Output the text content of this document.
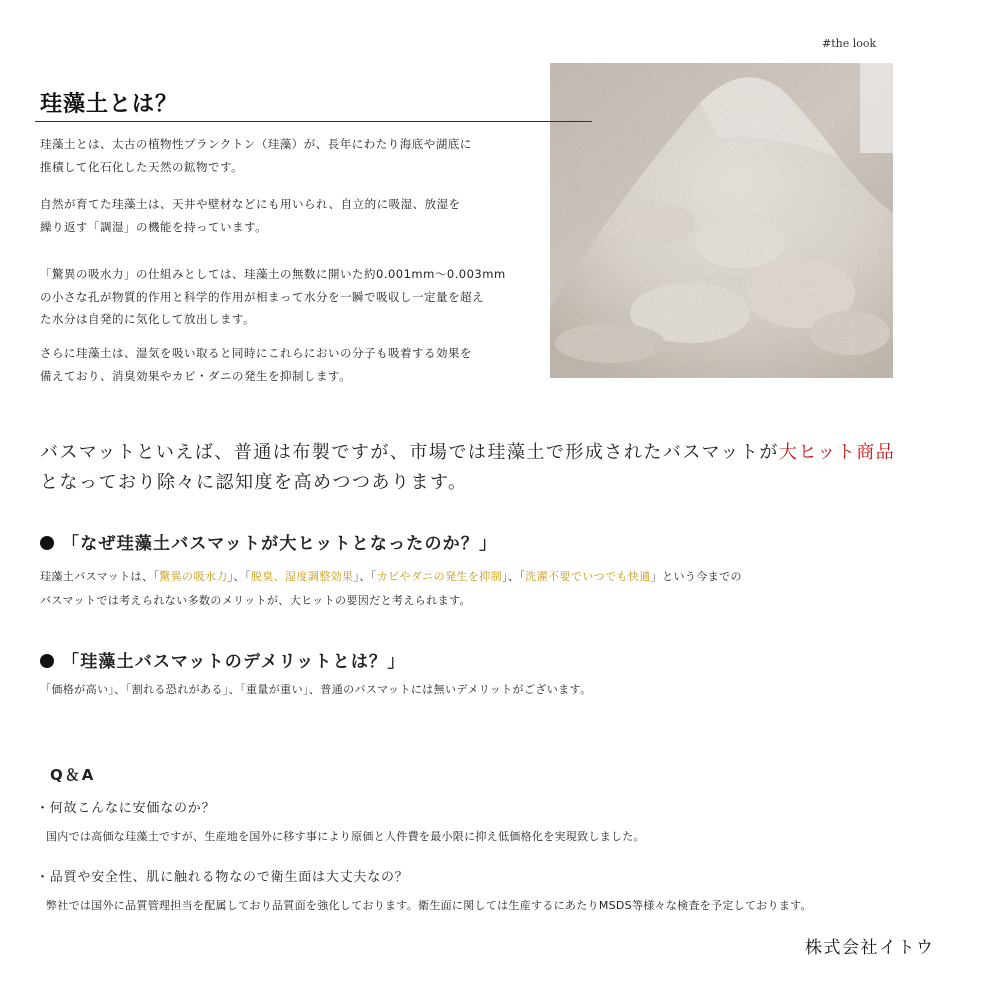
#the look
珪藻土とは？

珪藻土とは、太古の植物性プランクトン（珪藻）が、長年にわたり海底や湖底に
推積して化石化した天然の鉱物です。

自然が育てた珪藻土は、天井や壁材などにも用いられ、自立的に吸湿、放湿を
繰り返す「調湿」の機能を持っています。

「驚異の吸水力」の仕組みとしては、珪藻土の無数に開いた約0.001mm～0.003mm
の小さな孔が物質的作用と科学的作用が相まって水分を一瞬で吸収し一定量を超え
た水分は自発的に気化して放出します。

さらに珪藻土は、湿気を吸い取ると同時にこれらにおいの分子も吸着する効果を
備えており、消臭効果やカビ・ダニの発生を抑制します。

バスマットといえば、普通は布製ですが、市場では珪藻土で形成されたバスマットが大ヒット商品
となっており除々に認知度を高めつつあります。

「なぜ珪藻土バスマットが大ヒットとなったのか？」

珪藻土バスマットは、「驚異の吸水力」、「脱臭、湿度調整効果」、「カビやダニの発生を抑制」、「洗濯不要でいつでも快適」という今までの
バスマットでは考えられない多数のメリットが、大ヒットの要因だと考えられます。

「珪藻土バスマットのデメリットとは？」

「価格が高い」、「割れる恐れがある」、「重量が重い」、普通のバスマットには無いデメリットがございます。

Q＆A

・何故こんなに安価なのか？

国内では高価な珪藻土ですが、生産地を国外に移す事により原価と人件費を最小限に抑え低価格化を実現致しました。

・品質や安全性、肌に触れる物なので衛生面は大丈夫なの？

弊社では国外に品質管理担当を配属しており品質面を強化しております。衛生面に関しては生産するにあたりMSDS等様々な検査を予定しております。

株式会社イトウ
